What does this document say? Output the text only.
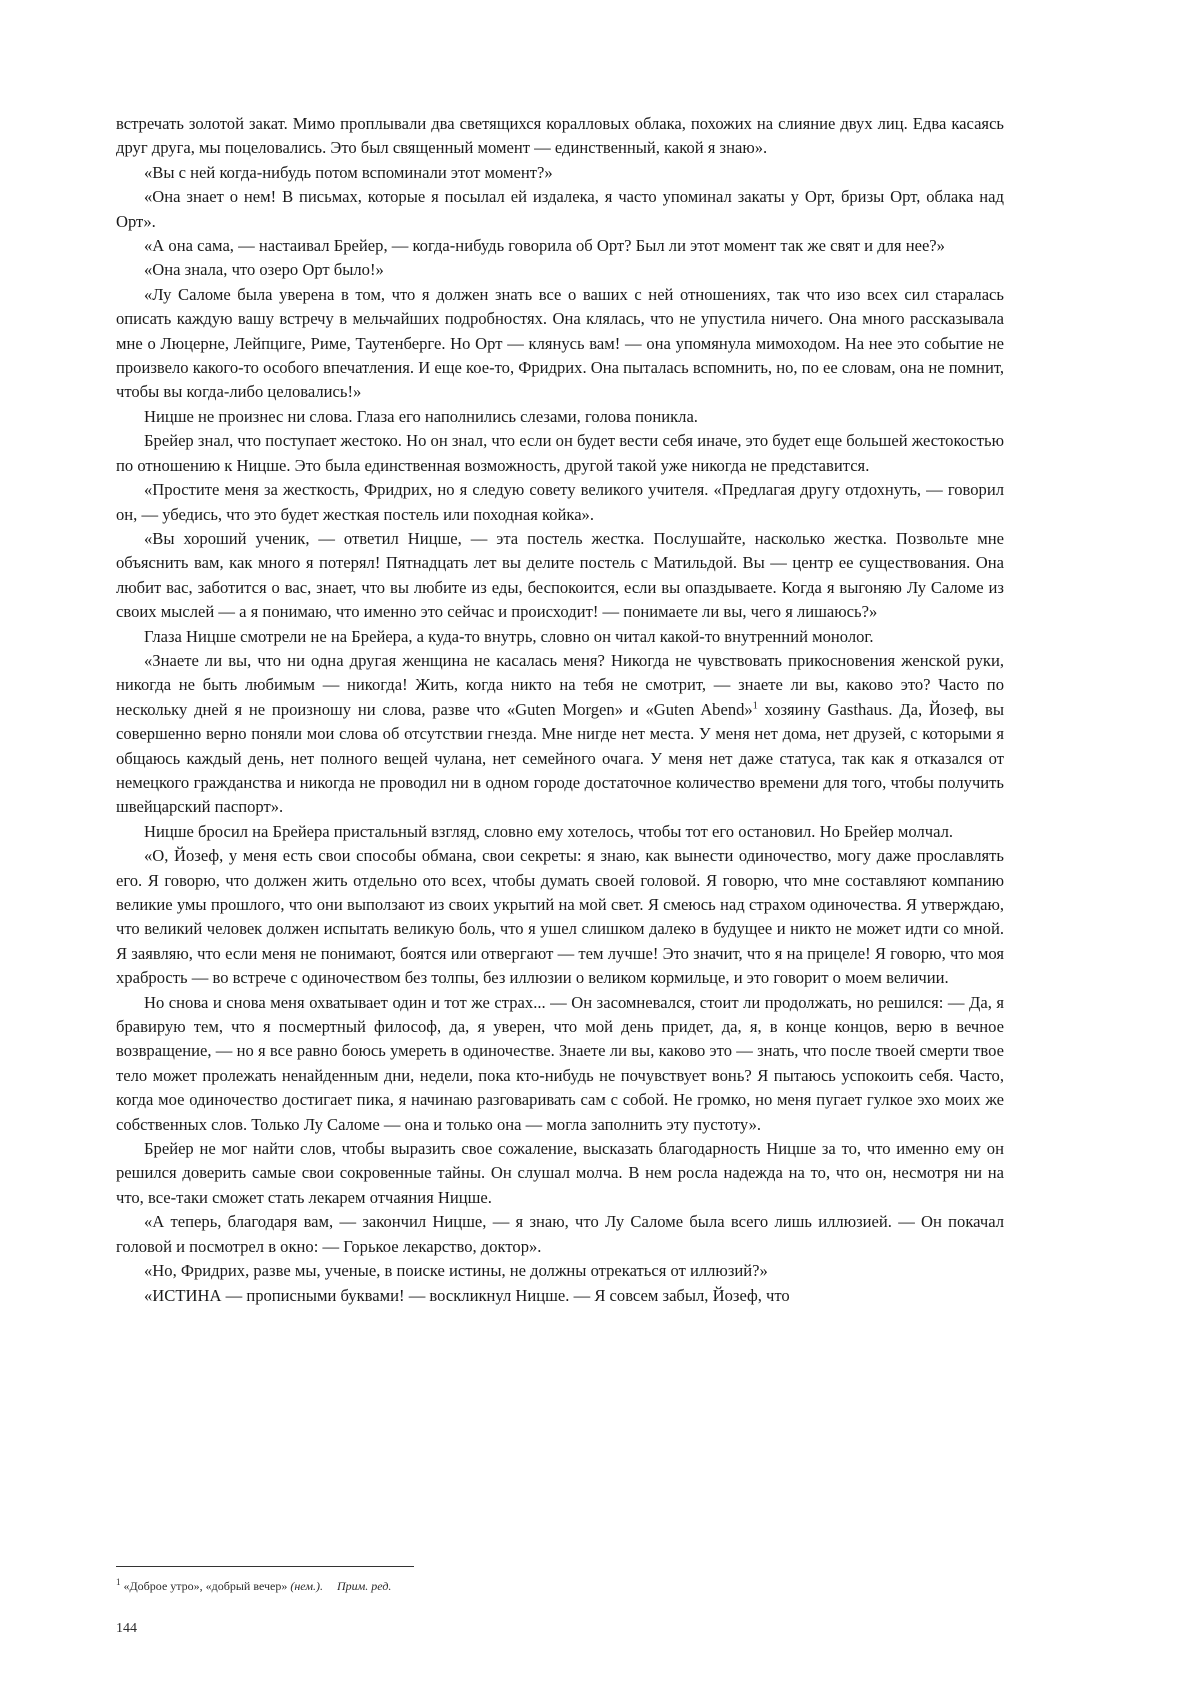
встречать золотой закат. Мимо проплывали два светящихся коралловых облака, похожих на слияние двух лиц. Едва касаясь друг друга, мы поцеловались. Это был священный момент — единственный, какой я знаю».

«Вы с ней когда-нибудь потом вспоминали этот момент?»

«Она знает о нем! В письмах, которые я посылал ей издалека, я часто упоминал закаты у Орт, бризы Орт, облака над Орт».

«А она сама, — настаивал Брейер, — когда-нибудь говорила об Орт? Был ли этот момент так же свят и для нее?»

«Она знала, что озеро Орт было!»

«Лу Саломе была уверена в том, что я должен знать все о ваших с ней отношениях, так что изо всех сил старалась описать каждую вашу встречу в мельчайших подробностях. Она клялась, что не упустила ничего. Она много рассказывала мне о Люцерне, Лейпциге, Риме, Таутенберге. Но Орт — клянусь вам! — она упомянула мимоходом. На нее это событие не произвело какого-то особого впечатления. И еще кое-то, Фридрих. Она пыталась вспомнить, но, по ее словам, она не помнит, чтобы вы когда-либо целовались!»

Ницше не произнес ни слова. Глаза его наполнились слезами, голова поникла.

Брейер знал, что поступает жестоко. Но он знал, что если он будет вести себя иначе, это будет еще большей жестокостью по отношению к Ницше. Это была единственная возможность, другой такой уже никогда не представится.

«Простите меня за жесткость, Фридрих, но я следую совету великого учителя. «Предлагая другу отдохнуть, — говорил он, — убедись, что это будет жесткая постель или походная койка».

«Вы хороший ученик, — ответил Ницше, — эта постель жестка. Послушайте, насколько жестка. Позвольте мне объяснить вам, как много я потерял! Пятнадцать лет вы делите постель с Матильдой. Вы — центр ее существования. Она любит вас, заботится о вас, знает, что вы любите из еды, беспокоится, если вы опаздываете. Когда я выгоняю Лу Саломе из своих мыслей — а я понимаю, что именно это сейчас и происходит! — понимаете ли вы, чего я лишаюсь?»

Глаза Ницше смотрели не на Брейера, а куда-то внутрь, словно он читал какой-то внутренний монолог.

«Знаете ли вы, что ни одна другая женщина не касалась меня? Никогда не чувствовать прикосновения женской руки, никогда не быть любимым — никогда! Жить, когда никто на тебя не смотрит, — знаете ли вы, каково это? Часто по нескольку дней я не произношу ни слова, разве что «Guten Morgen» и «Guten Abend»$^1$ хозяину Gasthaus. Да, Йозеф, вы совершенно верно поняли мои слова об отсутствии гнезда. Мне нигде нет места. У меня нет дома, нет друзей, с которыми я общаюсь каждый день, нет полного вещей чулана, нет семейного очага. У меня нет даже статуса, так как я отказался от немецкого гражданства и никогда не проводил ни в одном городе достаточное количество времени для того, чтобы получить швейцарский паспорт».

Ницше бросил на Брейера пристальный взгляд, словно ему хотелось, чтобы тот его остановил. Но Брейер молчал.

«О, Йозеф, у меня есть свои способы обмана, свои секреты: я знаю, как вынести одиночество, могу даже прославлять его. Я говорю, что должен жить отдельно ото всех, чтобы думать своей головой. Я говорю, что мне составляют компанию великие умы прошлого, что они выползают из своих укрытий на мой свет. Я смеюсь над страхом одиночества. Я утверждаю, что великий человек должен испытать великую боль, что я ушел слишком далеко в будущее и никто не может идти со мной. Я заявляю, что если меня не понимают, боятся или отвергают — тем лучше! Это значит, что я на прицеле! Я говорю, что моя храбрость — во встрече с одиночеством без толпы, без иллюзии о великом кормильце, и это говорит о моем величии.

Но снова и снова меня охватывает один и тот же страх... — Он засомневался, стоит ли продолжать, но решился: — Да, я бравирую тем, что я посмертный философ, да, я уверен, что мой день придет, да, я, в конце концов, верю в вечное возвращение, — но я все равно боюсь умереть в одиночестве. Знаете ли вы, каково это — знать, что после твоей смерти твое тело может пролежать ненайденным дни, недели, пока кто-нибудь не почувствует вонь? Я пытаюсь успокоить себя. Часто, когда мое одиночество достигает пика, я начинаю разговаривать сам с собой. Не громко, но меня пугает гулкое эхо моих же собственных слов. Только Лу Саломе — она и только она — могла заполнить эту пустоту».

Брейер не мог найти слов, чтобы выразить свое сожаление, высказать благодарность Ницше за то, что именно ему он решился доверить самые свои сокровенные тайны. Он слушал молча. В нем росла надежда на то, что он, несмотря ни на что, все-таки сможет стать лекарем отчаяния Ницше.

«А теперь, благодаря вам, — закончил Ницше, — я знаю, что Лу Саломе была всего лишь иллюзией. — Он покачал головой и посмотрел в окно: — Горькое лекарство, доктор».

«Но, Фридрих, разве мы, ученые, в поиске истины, не должны отрекаться от иллюзий?»

«ИСТИНА — прописными буквами! — воскликнул Ницше. — Я совсем забыл, Йозеф, что

$^1$ «Доброе утро», «добрый вечер» (нем.). Прим. ред.
144
